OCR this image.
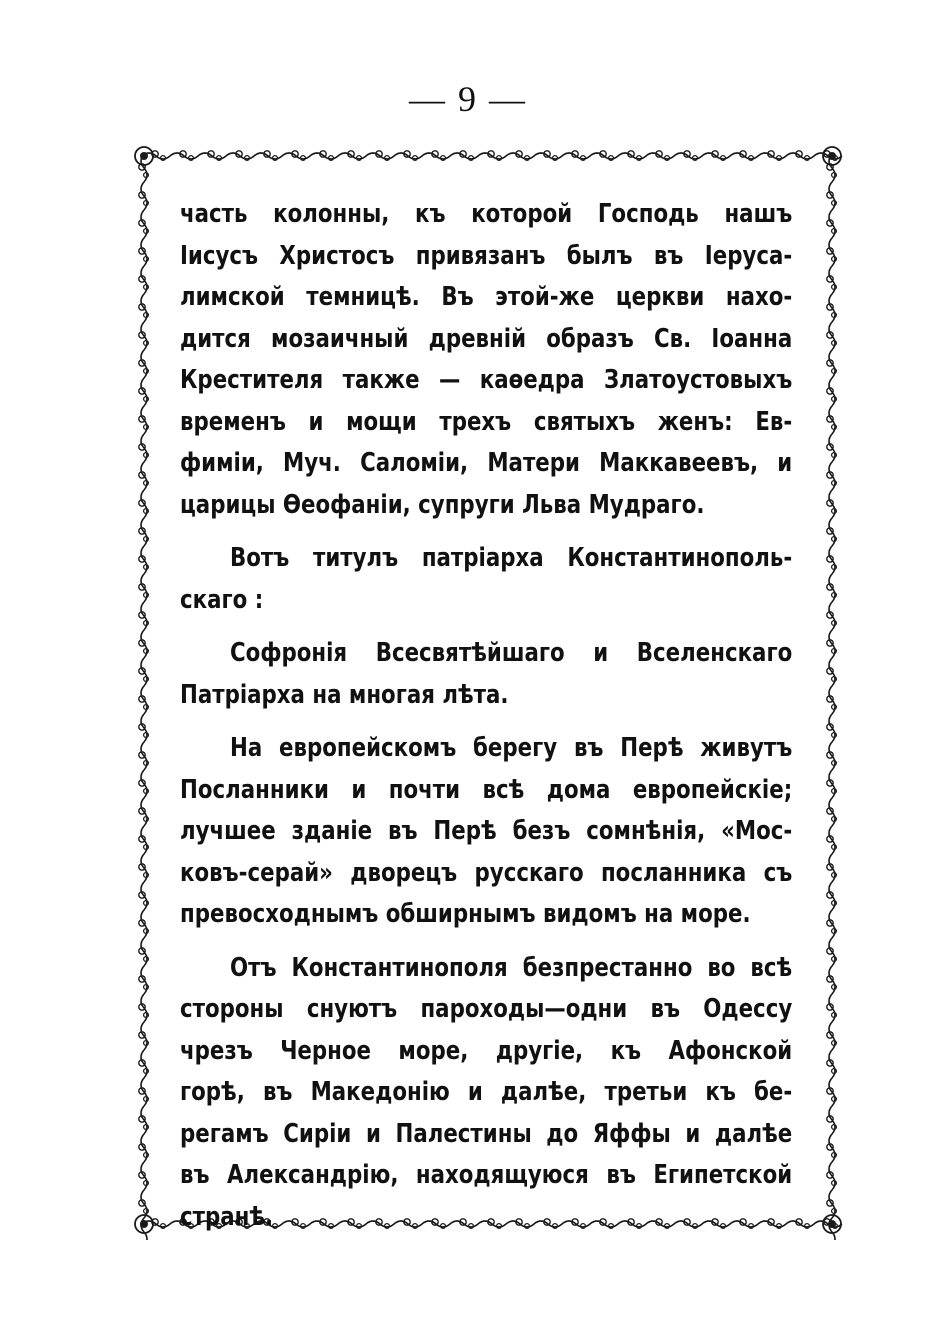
— 9 —
часть колонны, къ которой Господь нашъ
Iисусъ Христосъ привязанъ былъ въ Iеруса-
лимской темницѣ. Въ этой-же церкви нахо-
дится мозаичный древнiй образъ Св. Iоанна
Крестителя также — каѳедра Златоустовыхъ
временъ и мощи трехъ святыхъ женъ: Ев-
фимiи, Муч. Саломiи, Матери Маккавеевъ, и
царицы Ѳеофанiи, супруги Льва Мудраго.
Вотъ титулъ патрiарха Константинополь-
скаго :
Софронiя Всесвятѣйшаго и Вселенскаго
Патрiарха на многая лѣта.
На европейскомъ берегу въ Перѣ живутъ
Посланники и почти всѣ дома европейскiе;
лучшее зданiе въ Перѣ безъ сомнѣнiя, «Мос-
ковъ-серай» дворецъ русскаго посланника съ
превосходнымъ обширнымъ видомъ на морe.
Отъ Константинополя безпрестанно во всѣ
стороны снуютъ пароходы—одни въ Одессу
чрезъ Черное море, другiе, къ Афонской
горѣ, въ Македонiю и далѣе, третьи къ бе-
регамъ Сирiи и Палестины до Яффы и далѣе
въ Александрiю, находящуюся въ Египетской
странѣ.
